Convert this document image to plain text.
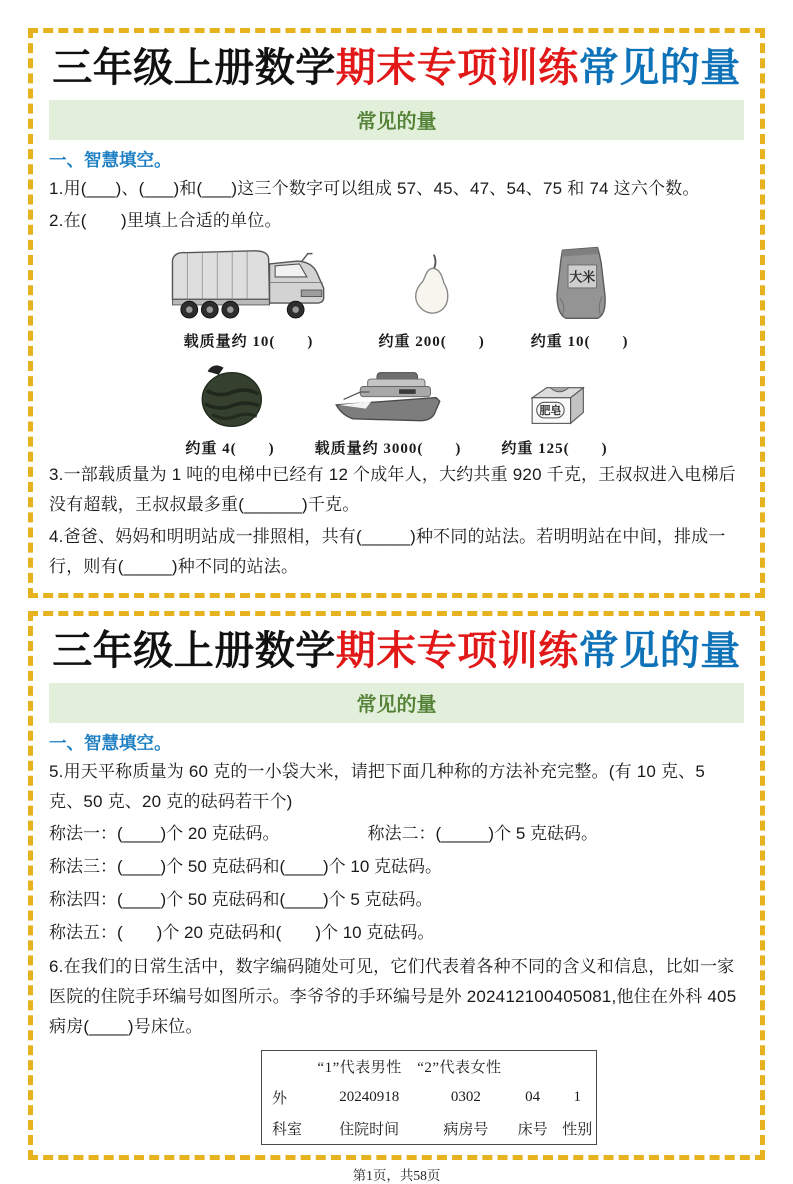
三年级上册数学期末专项训练常见的量
常见的量
一、智慧填空。
1.用(___)、(___)和(___)这三个数字可以组成 57、45、47、54、75 和 74 这六个数。
2.在(　　)里填上合适的单位。
载质量约 10(　　)	约重 200(　　)
大米
约重 10(　　)
约重 4(　　)	载质量约 3000(　　)
肥皂
约重 125(　　)
3.一部载质量为 1 吨的电梯中已经有 12 个成年人，大约共重 920 千克，王叔叔进入电梯后没有超载，王叔叔最多重(______)千克。
4.爸爸、妈妈和明明站成一排照相，共有(_____)种不同的站法。若明明站在中间，排成一行，则有(_____)种不同的站法。
三年级上册数学期末专项训练常见的量
常见的量
一、智慧填空。
5.用天平称质量为 60 克的一小袋大米，请把下面几种称的方法补充完整。(有 10 克、5 克、50 克、20 克的砝码若干个)
称法一：(____)个 20 克砝码。	称法二：(_____)个 5 克砝码。
称法三：(____)个 50 克砝码和(____)个 10 克砝码。
称法四：(____)个 50 克砝码和(____)个 5 克砝码。
称法五：(　　)个 20 克砝码和(　　)个 10 克砝码。
6.在我们的日常生活中，数字编码随处可见，它们代表着各种不同的含义和信息，比如一家医院的住院手环编号如图所示。李爷爷的手环编号是外 202412100405081,他住在外科 405 病房(____)号床位。
	“1”代表男性　“2”代表女性			
外	20240918	0302	04	1
科室	住院时间	病房号	床号	性别
第1页，共58页
